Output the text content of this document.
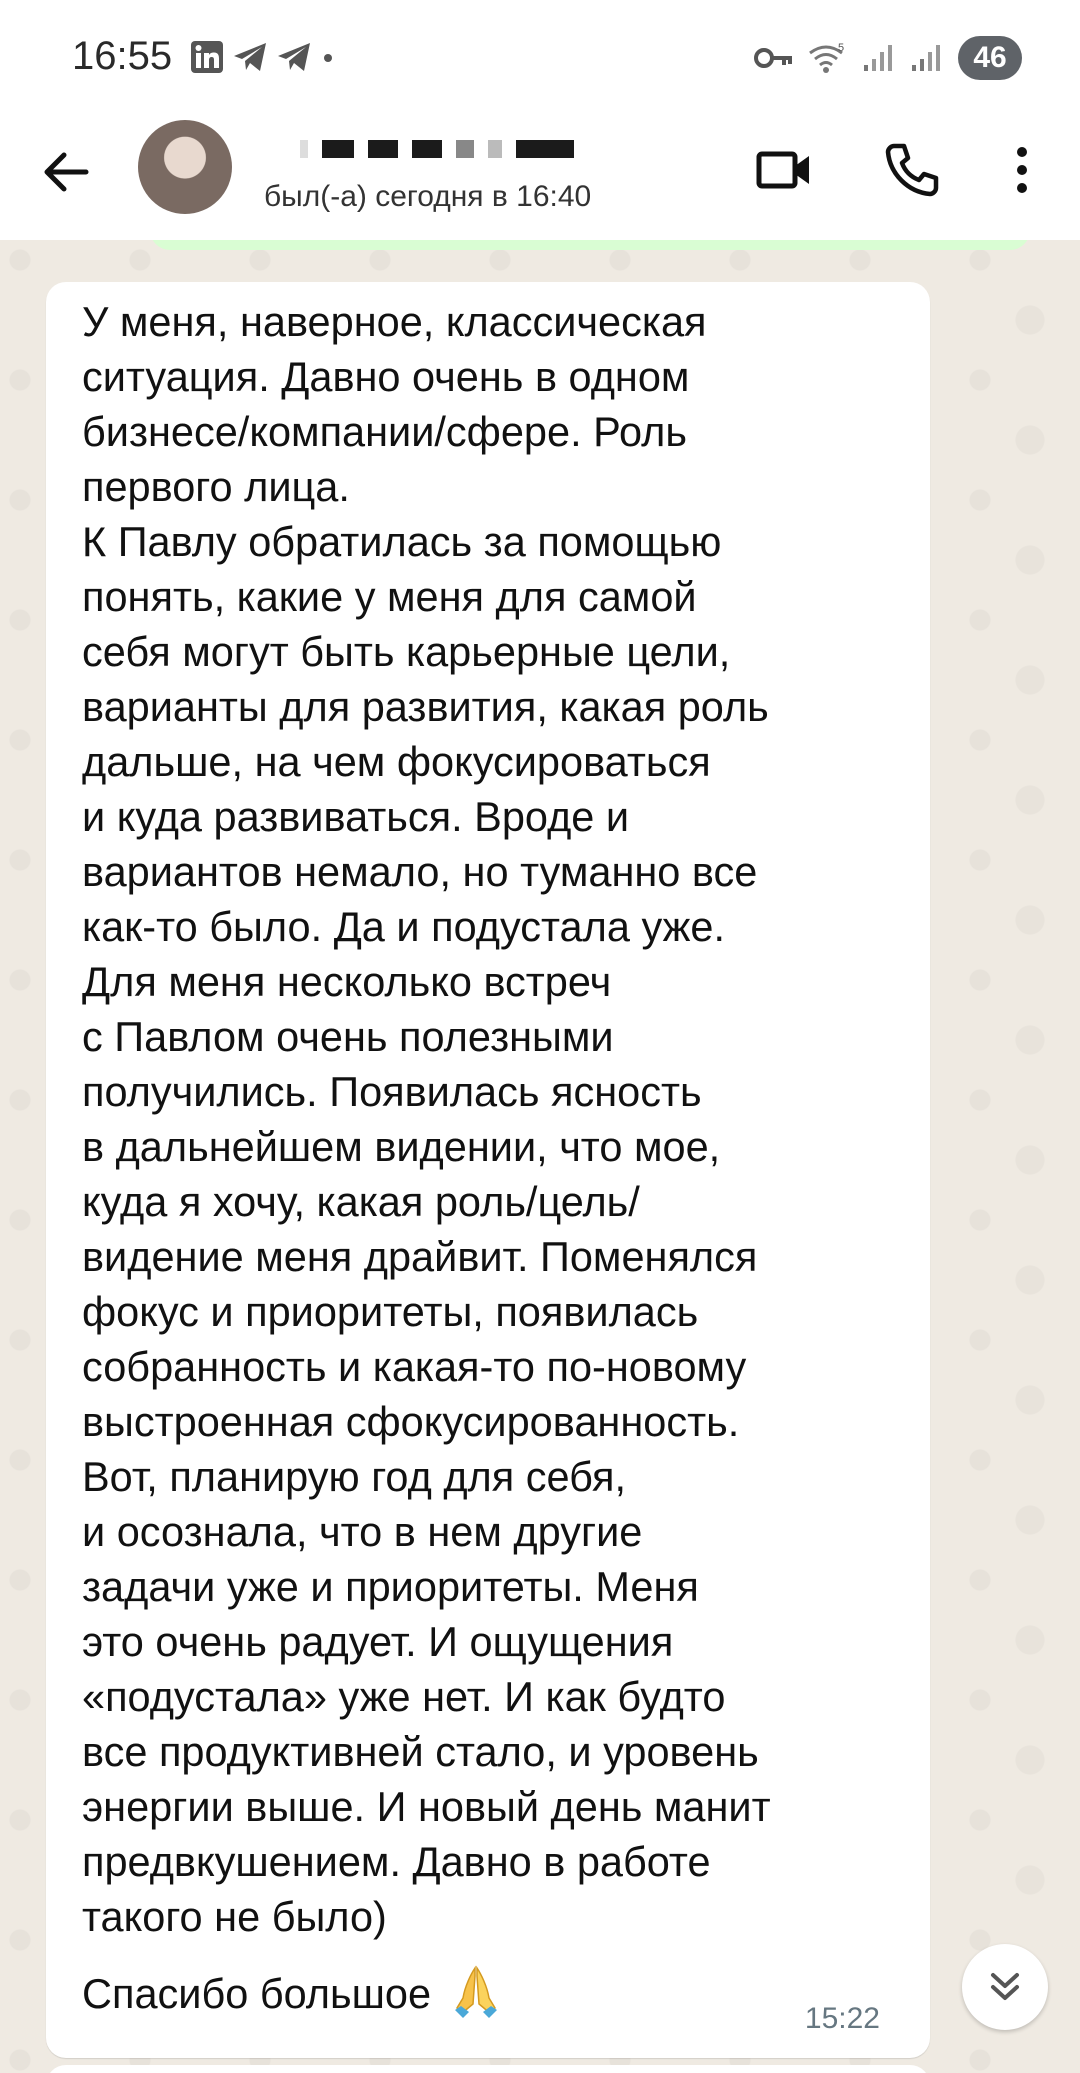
16:55	5	46
был(-а) сегодня в 16:40
У меня, наверное, классическая
ситуация. Давно очень в одном
бизнесе/компании/сфере. Роль
первого лица.
К Павлу обратилась за помощью
понять, какие у меня для самой
себя могут быть карьерные цели,
варианты для развития, какая роль
дальше, на чем фокусироваться
и куда развиваться. Вроде и
вариантов немало, но туманно все
как-то было. Да и подустала уже.
Для меня несколько встреч
с Павлом очень полезными
получились. Появилась ясность
в дальнейшем видении, что мое,
куда я хочу, какая роль/цель/
видение меня драйвит. Поменялся
фокус и приоритеты, появилась
собранность и какая-то по-новому
выстроенная сфокусированность.
Вот, планирую год для себя,
и осознала, что в нем другие
задачи уже и приоритеты. Меня
это очень радует. И ощущения
«подустала» уже нет. И как будто
все продуктивней стало, и уровень
энергии выше. И новый день манит
предвкушением. Давно в работе
такого не было)
Спасибо большое
15:22
